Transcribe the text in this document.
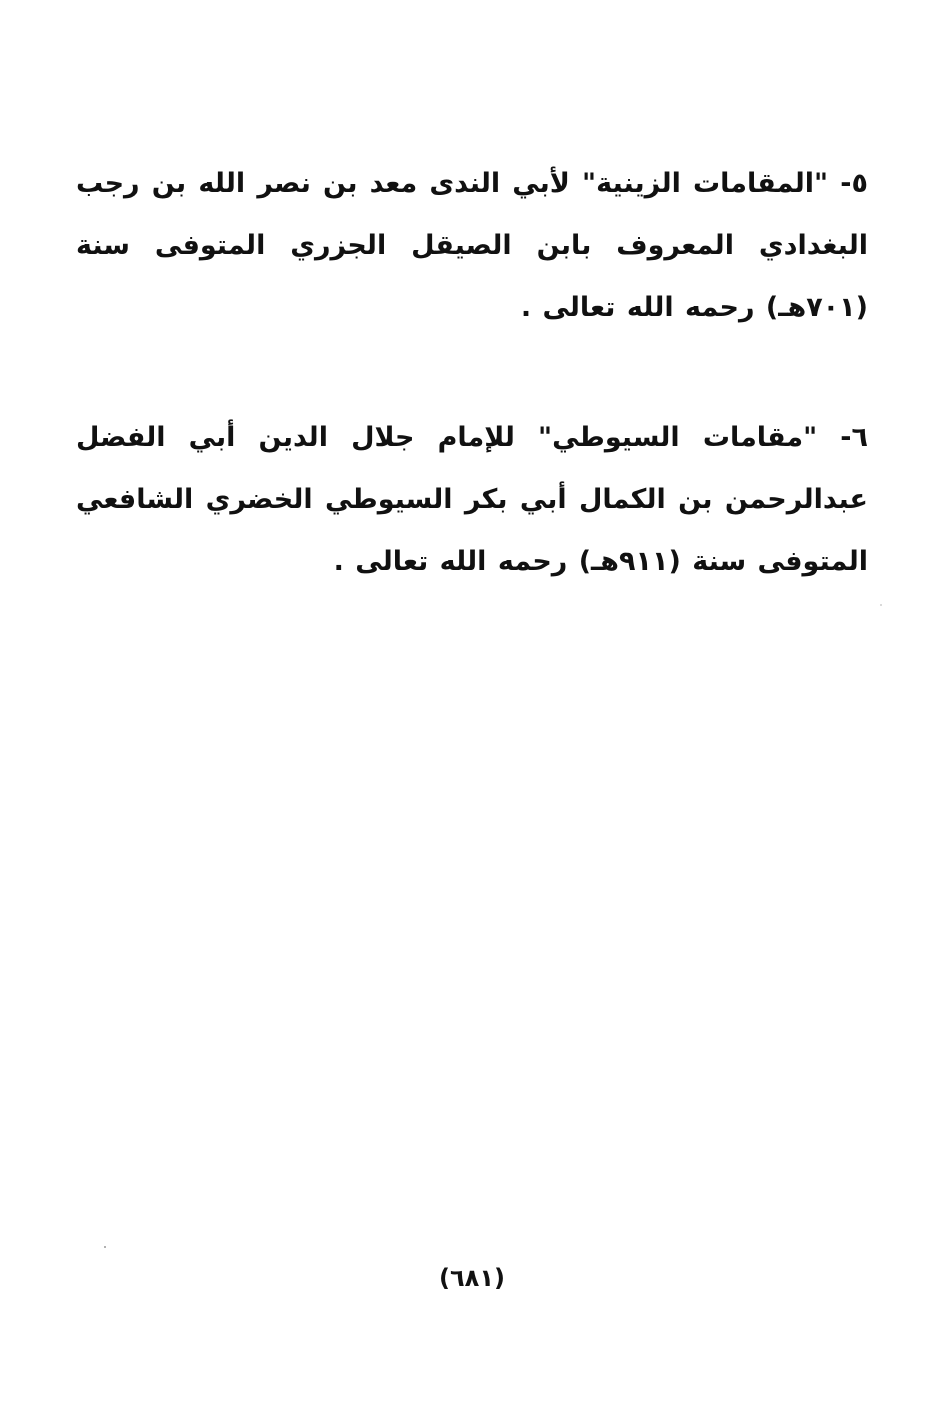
٥- "المقامات الزينية" لأبي الندى معد بن نصر الله بن رجب البغدادي المعروف بابن الصيقل الجزري المتوفى سنة (٧٠١هـ) رحمه الله تعالى .

٦- "مقامات السيوطي" للإمام جلال الدين أبي الفضل عبدالرحمن بن الكمال أبي بكر السيوطي الخضري الشافعي المتوفى سنة (٩١١هـ) رحمه الله تعالى .

(٦٨١)
